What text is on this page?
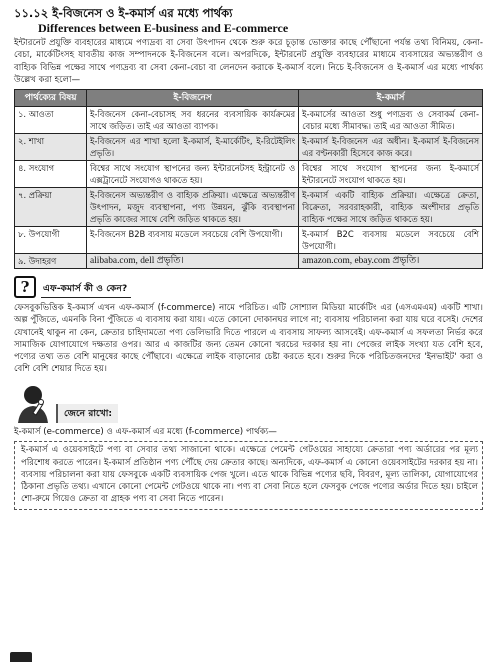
১১.১২ ই-বিজনেস ও ই-কমার্স এর মধ্যে পার্থক্য
Differences between E-business and E-commerce

ইন্টারনেট প্রযুক্তি ব্যবহারের মাধ্যমে পণ্যদ্রব্য বা সেবা উৎপাদন থেকে শুরু করে চূড়ান্ত ভোক্তার কাছে পৌঁছানো পর্যন্ত তথ্য বিনিময়, কেনা-বেচা, মার্কেটিংসহ যাবতীয় কাজ সম্পাদনকে ই-বিজনেস বলে। অপরদিকে, ইন্টারনেট প্রযুক্তি ব্যবহারের মাধ্যমে ব্যবসায়ের অভ্যন্তরীণ ও বাহ্যিক বিভিন্ন পক্ষের সাথে পণ্যদ্রব্য বা সেবা কেনা-বেচা বা লেনদেন করাকে ই-কমার্স বলে। নিচে ই-বিজনেস ও ই-কমার্স এর মধ্যে পার্থক্য উল্লেখ করা হলো—

পার্থক্যের বিষয়	ই-বিজনেস	ই-কমার্স
১. আওতা	ই-বিজনেস কেনা-বেচাসহ সব ধরনের ব্যবসায়িক কার্যক্রমের সাথে জড়িত। তাই এর আওতা ব্যাপক।	ই-কমার্সের আওতা শুধু পণ্যদ্রব্য ও সেবাকর্ম কেনা-বেচার মধ্যে সীমাবদ্ধ। তাই এর আওতা সীমিত।
২. শাখা	ই-বিজনেস এর শাখা হলো ই-কমার্স, ই-মার্কেটিং, ই-রিটেইলিং প্রভৃতি।	ই-কমার্স ই-বিজনেস এর অধীন। ই-কমার্স ই-বিজনেস এর বণ্টনকারী হিসেবে কাজ করে।
৪. সংযোগ	বিশ্বের সাথে সংযোগ স্থাপনের জন্য ইন্টারনেটসহ ইন্ট্রানেট ও এক্সট্রানেটে সংযোগও থাকতে হয়।	বিশ্বের সাথে সংযোগ স্থাপনের জন্য ই-কমার্সে ইন্টারনেটে সংযোগ থাকতে হয়।
৭. প্রক্রিয়া	ই-বিজনেস অভ্যন্তরীণ ও বাহ্যিক প্রক্রিয়া। এক্ষেত্রে অভ্যন্তরীণ উৎপাদন, মজুদ ব্যবস্থাপনা, পণ্য উন্নয়ন, ঝুঁকি ব্যবস্থাপনা প্রভৃতি কাজের সাথে বেশি জড়িত থাকতে হয়।	ই-কমার্স একটি বাহ্যিক প্রক্রিয়া। এক্ষেত্রে ক্রেতা, বিক্রেতা, সরবরাহকারী, বাহ্যিক অংশীদার প্রভৃতি বাহ্যিক পক্ষের সাথে জড়িত থাকতে হয়।
৮. উপযোগী	ই-বিজনেস B2B ব্যবসায় মডেলে সবচেয়ে বেশি উপযোগী।	ই-কমার্স B2C ব্যবসায় মডেলে সবচেয়ে বেশি উপযোগী।
৯. উদাহরণ	alibaba.com, dell প্রভৃতি।	amazon.com, ebay.com প্রভৃতি।
?	এফ-কমার্স কী ও কেন?

ফেসবুকভিত্তিক ই-কমার্স এখন এফ-কমার্স (f-commerce) নামে পরিচিত। এটি সোশ্যাল মিডিয়া মার্কেটিং এর (এসএমএম) একটি শাখা। অল্প পুঁজিতে, এমনকি বিনা পুঁজিতে এ ব্যবসায় করা যায়। এতে কোনো দোকানঘর লাগে না; ব্যবসায় পরিচালনা করা যায় ঘরে বসেই। দেশের যেখানেই থাকুন না কেন, ক্রেতার চাহিদামতো পণ্য ডেলিভারি দিতে পারলে এ ব্যবসায় সাফল্য আসবেই। এফ-কমার্স এ সফলতা নির্ভর করে সামাজিক যোগাযোগে দক্ষতার ওপর। আর এ কাজটির জন্য তেমন কোনো খরচের দরকার হয় না। পেজের লাইক সংখ্যা যত বেশি হবে, পণ্যের তথ্য তত বেশি মানুষের কাছে পৌঁছাবে। এক্ষেত্রে লাইক বাড়ানোর চেষ্টা করতে হবে। শুরুর দিকে পরিচিতজনদের 'ইনভাইট' করা ও বেশি বেশি শেয়ার দিতে হয়।

জেনে রাখো:
ই-কমার্স (e-commerce) ও এফ-কমার্স এর মধ্যে (f-commerce) পার্থক্য—
ই-কমার্স এ ওয়েবসাইটে পণ্য বা সেবার তথ্য সাজানো থাকে। এক্ষেত্রে পেমেন্ট গেটওয়ের সাহায্যে ক্রেতারা পণ্য অর্ডারের পর মূল্য পরিশোধ করতে পারেন। ই-কমার্স প্রতিষ্ঠান পণ্য পৌঁছে দেয় ক্রেতার কাছে। অন্যদিকে, এফ-কমার্স এ কোনো ওয়েবসাইটের দরকার হয় না। ব্যবসায় পরিচালনা করা যায় ফেসবুকে একটি ব্যবসায়িক পেজ খুলে। এতে থাকে বিভিন্ন পণ্যের ছবি, বিবরণ, মূল্য তালিকা, যোগাযোগের ঠিকানা প্রভৃতি তথ্য। এখানে কোনো পেমেন্ট গেটওয়ে থাকে না। পণ্য বা সেবা নিতে হলে ফেসবুক পেজে পণ্যের অর্ডার দিতে হয়। চাইলে শো-রুমে গিয়েও ক্রেতা বা গ্রাহক পণ্য বা সেবা নিতে পারেন।
